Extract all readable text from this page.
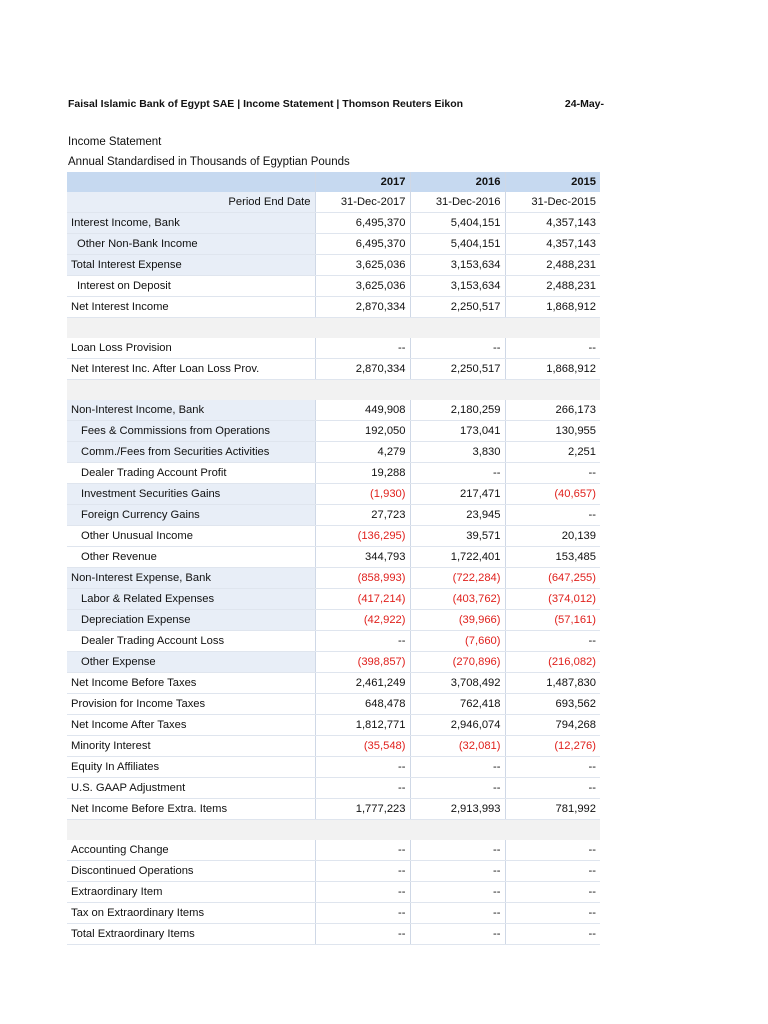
Faisal Islamic Bank of Egypt SAE | Income Statement | Thomson Reuters Eikon	24-May-
Income Statement
Annual Standardised in Thousands of Egyptian Pounds
	2017	2016	2015
Period End Date	31-Dec-2017	31-Dec-2016	31-Dec-2015
Interest Income, Bank	6,495,370	5,404,151	4,357,143
Other Non-Bank Income	6,495,370	5,404,151	4,357,143
Total Interest Expense	3,625,036	3,153,634	2,488,231
Interest on Deposit	3,625,036	3,153,634	2,488,231
Net Interest Income	2,870,334	2,250,517	1,868,912

Loan Loss Provision	--	--	--
Net Interest Inc. After Loan Loss Prov.	2,870,334	2,250,517	1,868,912

Non-Interest Income, Bank	449,908	2,180,259	266,173
Fees & Commissions from Operations	192,050	173,041	130,955
Comm./Fees from Securities Activities	4,279	3,830	2,251
Dealer Trading Account Profit	19,288	--	--
Investment Securities Gains	(1,930)	217,471	(40,657)
Foreign Currency Gains	27,723	23,945	--
Other Unusual Income	(136,295)	39,571	20,139
Other Revenue	344,793	1,722,401	153,485
Non-Interest Expense, Bank	(858,993)	(722,284)	(647,255)
Labor & Related Expenses	(417,214)	(403,762)	(374,012)
Depreciation Expense	(42,922)	(39,966)	(57,161)
Dealer Trading Account Loss	--	(7,660)	--
Other Expense	(398,857)	(270,896)	(216,082)
Net Income Before Taxes	2,461,249	3,708,492	1,487,830
Provision for Income Taxes	648,478	762,418	693,562
Net Income After Taxes	1,812,771	2,946,074	794,268
Minority Interest	(35,548)	(32,081)	(12,276)
Equity In Affiliates	--	--	--
U.S. GAAP Adjustment	--	--	--
Net Income Before Extra. Items	1,777,223	2,913,993	781,992

Accounting Change	--	--	--
Discontinued Operations	--	--	--
Extraordinary Item	--	--	--
Tax on Extraordinary Items	--	--	--
Total Extraordinary Items	--	--	--
